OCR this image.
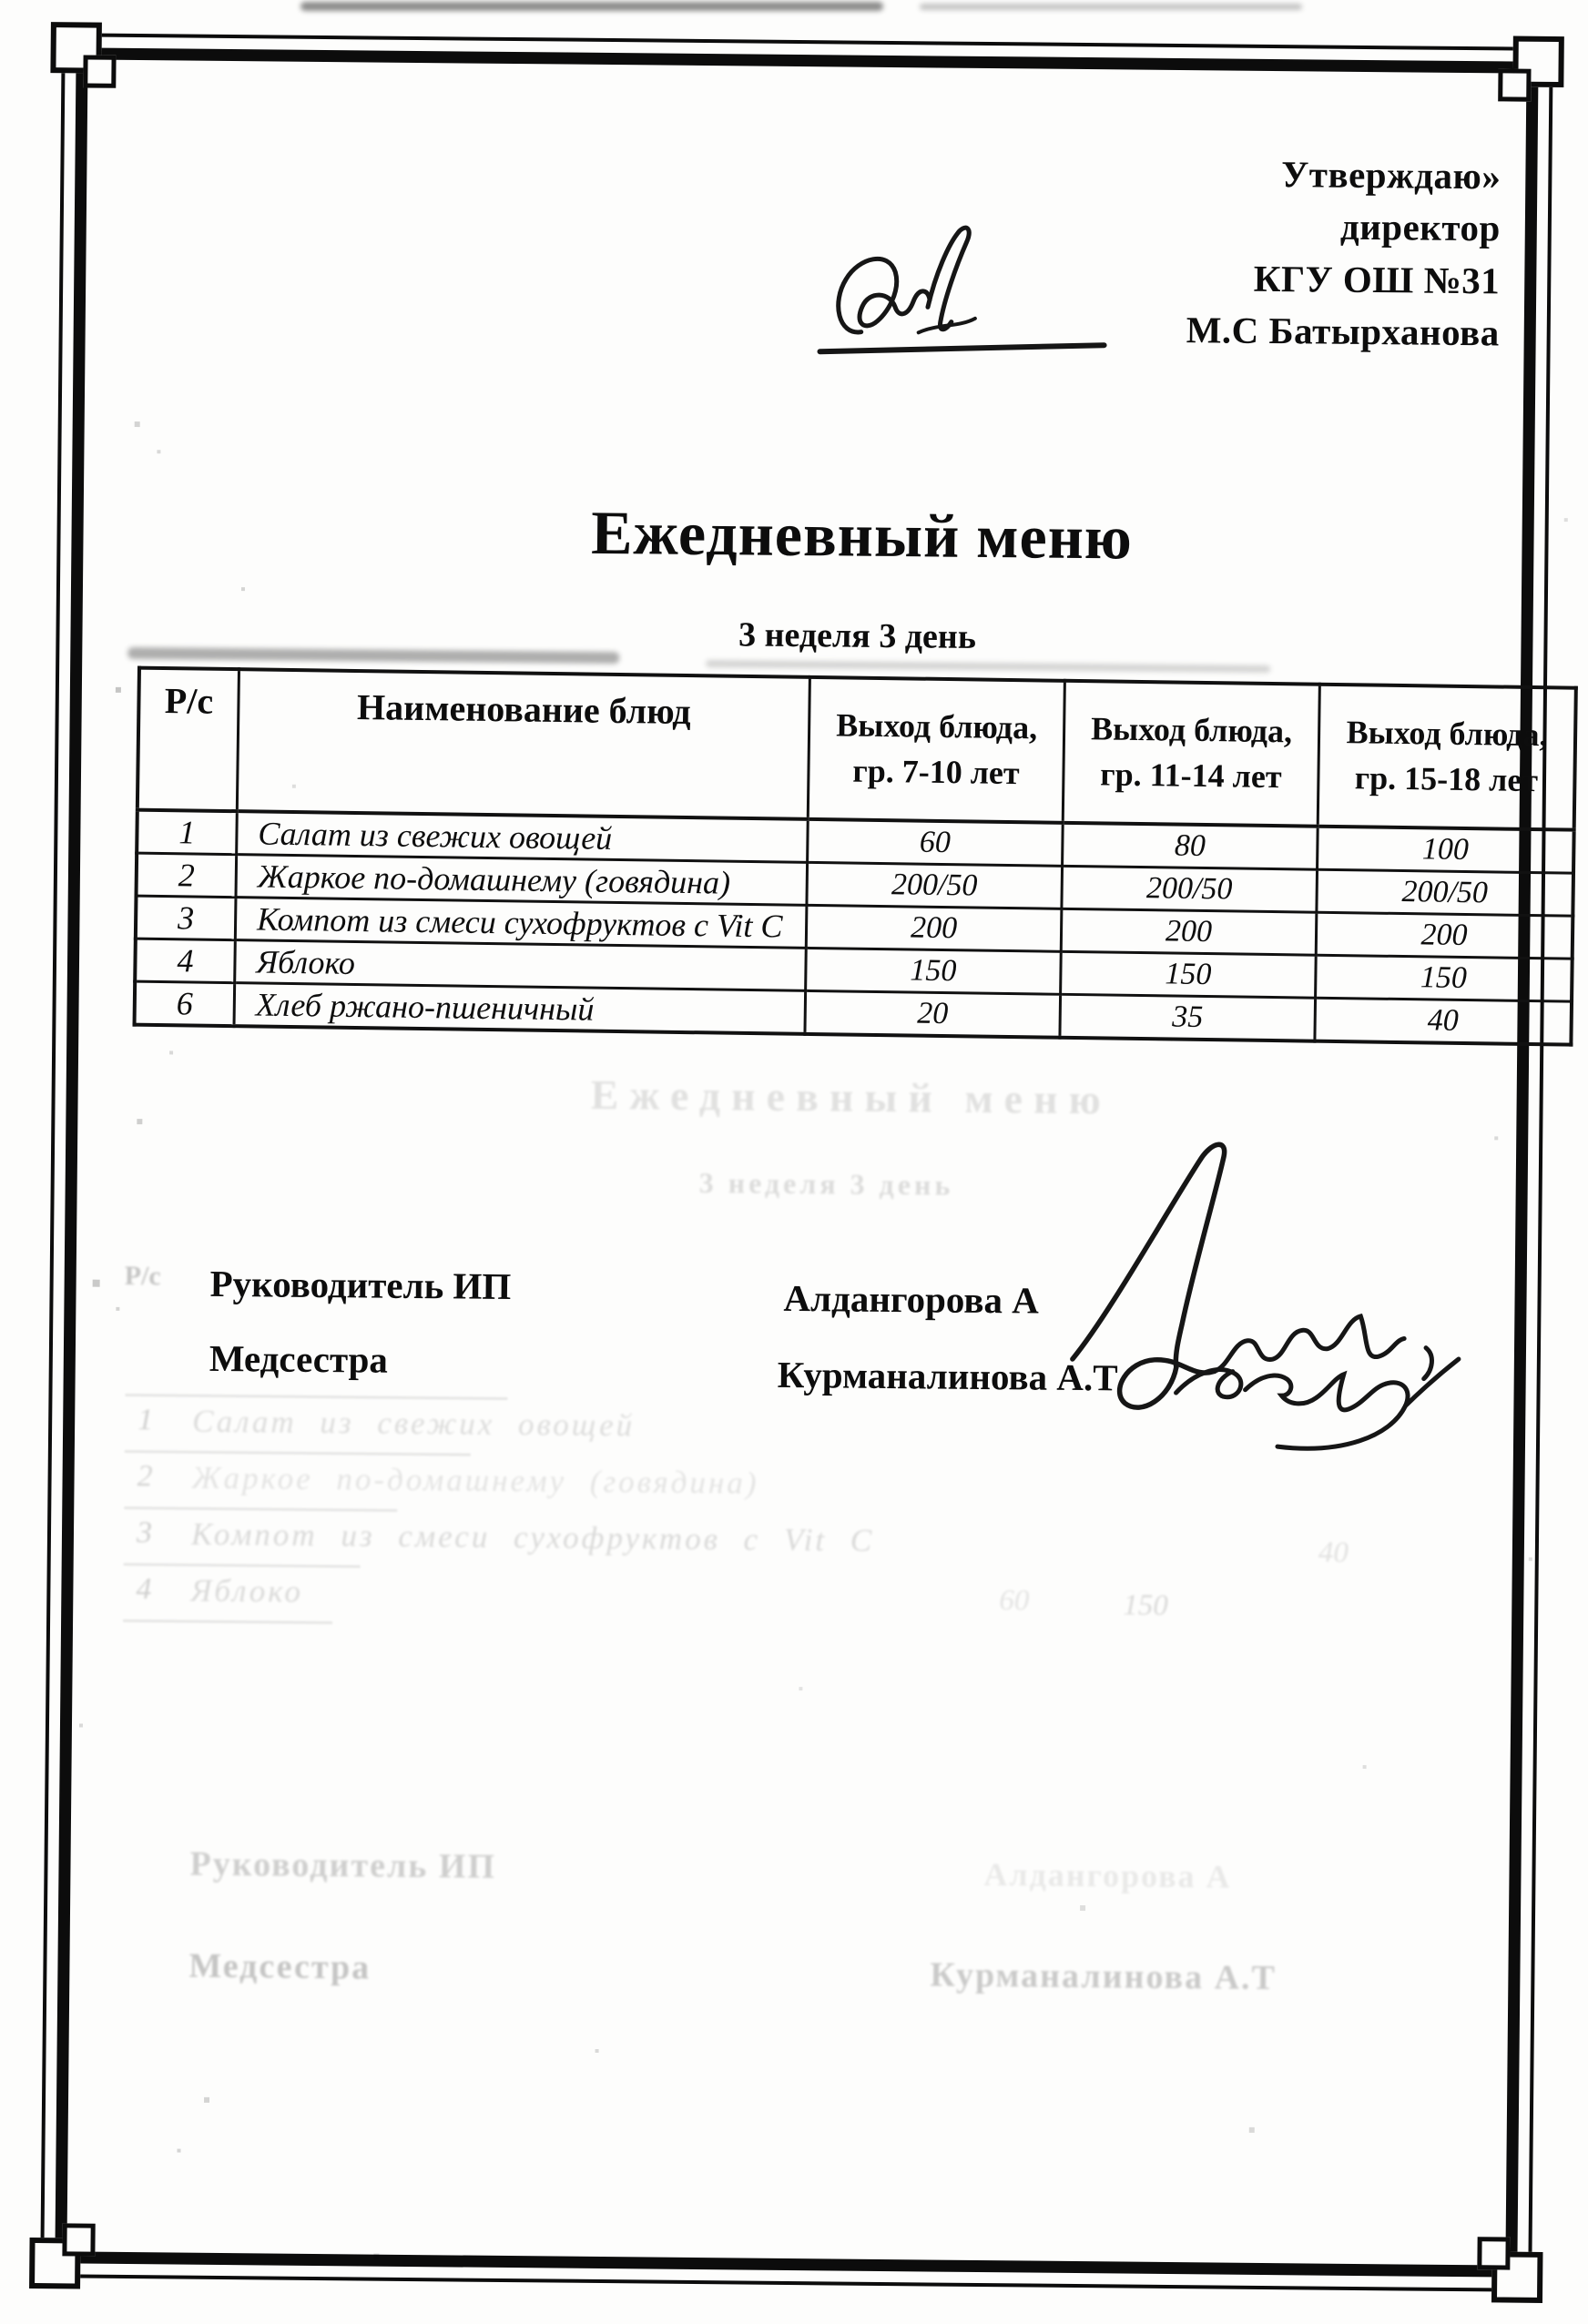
Утверждаю»
директор
КГУ ОШ №31
М.С Батырханова
Ежедневный меню
3 неделя 3 день
Р/с	Наименование блюд	Выход блюда, гр. 7-10 лет	Выход блюда, гр. 11-14 лет	Выход блюда, гр. 15-18 лет
1	Салат из свежих овощей	60	80	100
2	Жаркое по-домашнему (говядина)	200/50	200/50	200/50
3	Компот из смеси сухофруктов с Vit C	200	200	200
4	Яблоко	150	150	150
6	Хлеб ржано-пшеничный	20	35	40
Ежедневный меню
3 неделя 3 день
Р/с Руководитель ИП	Алдангорова А
Медсестра	Курманалинова А.Т
1 Салат из свежих овощей
2 Жаркое по-домашнему (говядина)
3 Компот из смеси сухофруктов с Vit C
4 Яблоко	60	150
40
Руководитель ИП	Алдангорова А
Медсестра	Курманалинова А.Т
